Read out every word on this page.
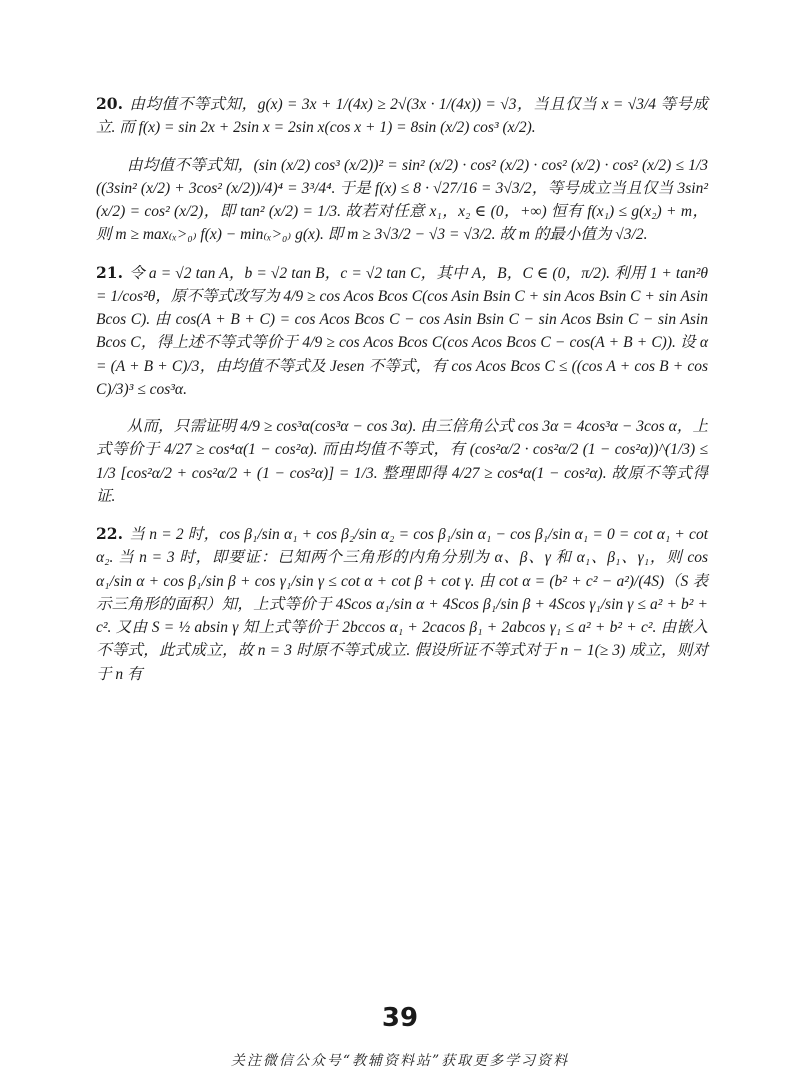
20. 由均值不等式知，g(x) = 3x + 1/(4x) ≥ 2√(3x · 1/(4x)) = √3，当且仅当 x = √3/4 等号成立. 而 f(x) = sin 2x + 2sin x = 2sin x(cos x + 1) = 8sin (x/2) cos³ (x/2).

由均值不等式知，(sin (x/2) cos³ (x/2))² = sin² (x/2) · cos² (x/2) · cos² (x/2) · cos² (x/2) ≤ 1/3 ((3sin² (x/2) + 3cos² (x/2))/4)⁴ = 3³/4⁴. 于是 f(x) ≤ 8 · √27/16 = 3√3/2，等号成立当且仅当 3sin² (x/2) = cos² (x/2)，即 tan² (x/2) = 1/3. 故若对任意 x₁，x₂ ∈ (0，+∞) 恒有 f(x₁) ≤ g(x₂) + m，则 m ≥ max₍ₓ>₀₎ f(x) − min₍ₓ>₀₎ g(x). 即 m ≥ 3√3/2 − √3 = √3/2. 故 m 的最小值为 √3/2.

21. 令 a = √2 tan A，b = √2 tan B，c = √2 tan C，其中 A，B，C ∈ (0，π/2). 利用 1 + tan²θ = 1/cos²θ，原不等式改写为 4/9 ≥ cos Acos Bcos C(cos Asin Bsin C + sin Acos Bsin C + sin Asin Bcos C). 由 cos(A + B + C) = cos Acos Bcos C − cos Asin Bsin C − sin Acos Bsin C − sin Asin Bcos C，得上述不等式等价于 4/9 ≥ cos Acos Bcos C(cos Acos Bcos C − cos(A + B + C)). 设 α = (A + B + C)/3，由均值不等式及 Jesen 不等式，有 cos Acos Bcos C ≤ ((cos A + cos B + cos C)/3)³ ≤ cos³α.

从而，只需证明 4/9 ≥ cos³α(cos³α − cos 3α). 由三倍角公式 cos 3α = 4cos³α − 3cos α，上式等价于 4/27 ≥ cos⁴α(1 − cos²α). 而由均值不等式，有 (cos²α/2 · cos²α/2 (1 − cos²α))^(1/3) ≤ 1/3 [cos²α/2 + cos²α/2 + (1 − cos²α)] = 1/3. 整理即得 4/27 ≥ cos⁴α(1 − cos²α). 故原不等式得证.

22. 当 n = 2 时，cos β₁/sin α₁ + cos β₂/sin α₂ = cos β₁/sin α₁ − cos β₁/sin α₁ = 0 = cot α₁ + cot α₂. 当 n = 3 时，即要证：已知两个三角形的内角分别为 α、β、γ 和 α₁、β₁、γ₁，则 cos α₁/sin α + cos β₁/sin β + cos γ₁/sin γ ≤ cot α + cot β + cot γ. 由 cot α = (b² + c² − a²)/(4S)（S 表示三角形的面积）知，上式等价于 4Scos α₁/sin α + 4Scos β₁/sin β + 4Scos γ₁/sin γ ≤ a² + b² + c². 又由 S = ½ absin γ 知上式等价于 2bccos α₁ + 2cacos β₁ + 2abcos γ₁ ≤ a² + b² + c². 由嵌入不等式，此式成立，故 n = 3 时原不等式成立. 假设所证不等式对于 n − 1(≥ 3) 成立，则对于 n 有

39
关注微信公众号“教辅资料站”获取更多学习资料
